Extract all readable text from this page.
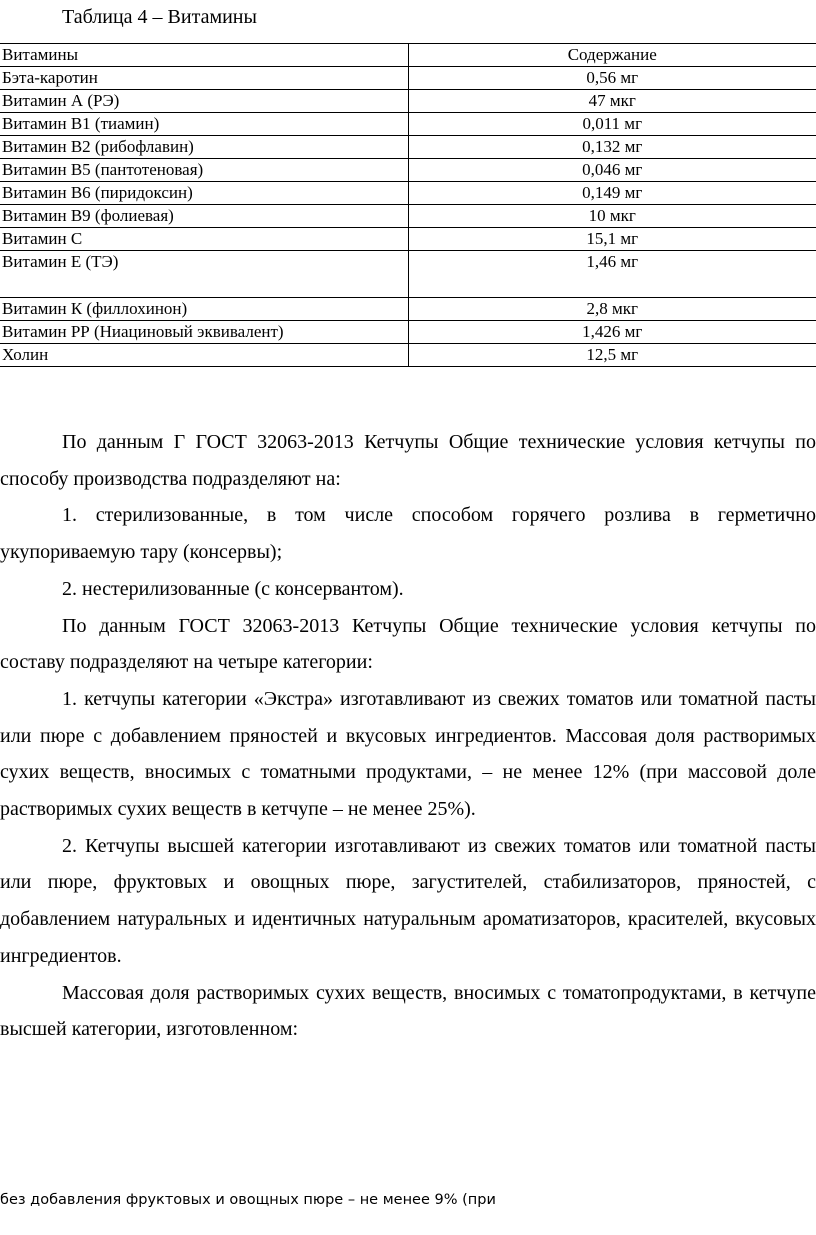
Таблица 4 – Витамины
Витамины	Содержание
Бэта-каротин	0,56 мг
Витамин А (РЭ)	47 мкг
Витамин В1 (тиамин)	0,011 мг
Витамин В2 (рибофлавин)	0,132 мг
Витамин В5 (пантотеновая)	0,046 мг
Витамин В6 (пиридоксин)	0,149 мг
Витамин В9 (фолиевая)	10 мкг
Витамин С	15,1 мг
Витамин Е (ТЭ)	1,46 мг
Витамин К (филлохинон)	2,8 мкг
Витамин РР (Ниациновый эквивалент)	1,426 мг
Холин	12,5 мг

По данным Г ГОСТ 32063-2013 Кетчупы Общие технические условия кетчупы по способу производства подразделяют на:

1. стерилизованные, в том числе способом горячего розлива в герметично укупориваемую тару (консервы);

2. нестерилизованные (с консервантом).

По данным ГОСТ 32063-2013 Кетчупы Общие технические условия кетчупы по составу подразделяют на четыре категории:

1. кетчупы категории «Экстра» изготавливают из свежих томатов или томатной пасты или пюре с добавлением пряностей и вкусовых ингредиентов. Массовая доля растворимых сухих веществ, вносимых с томатными продуктами, – не менее 12% (при массовой доле растворимых сухих веществ в кетчупе – не менее 25%).

2. Кетчупы высшей категории изготавливают из свежих томатов или томатной пасты или пюре, фруктовых и овощных пюре, загустителей, стабилизаторов, пряностей, с добавлением натуральных и идентичных натуральным ароматизаторов, красителей, вкусовых ингредиентов.

Массовая доля растворимых сухих веществ, вносимых с томатопродуктами, в кетчупе высшей категории, изготовленном:

без добавления фруктовых и овощных пюре – не менее 9% (при
